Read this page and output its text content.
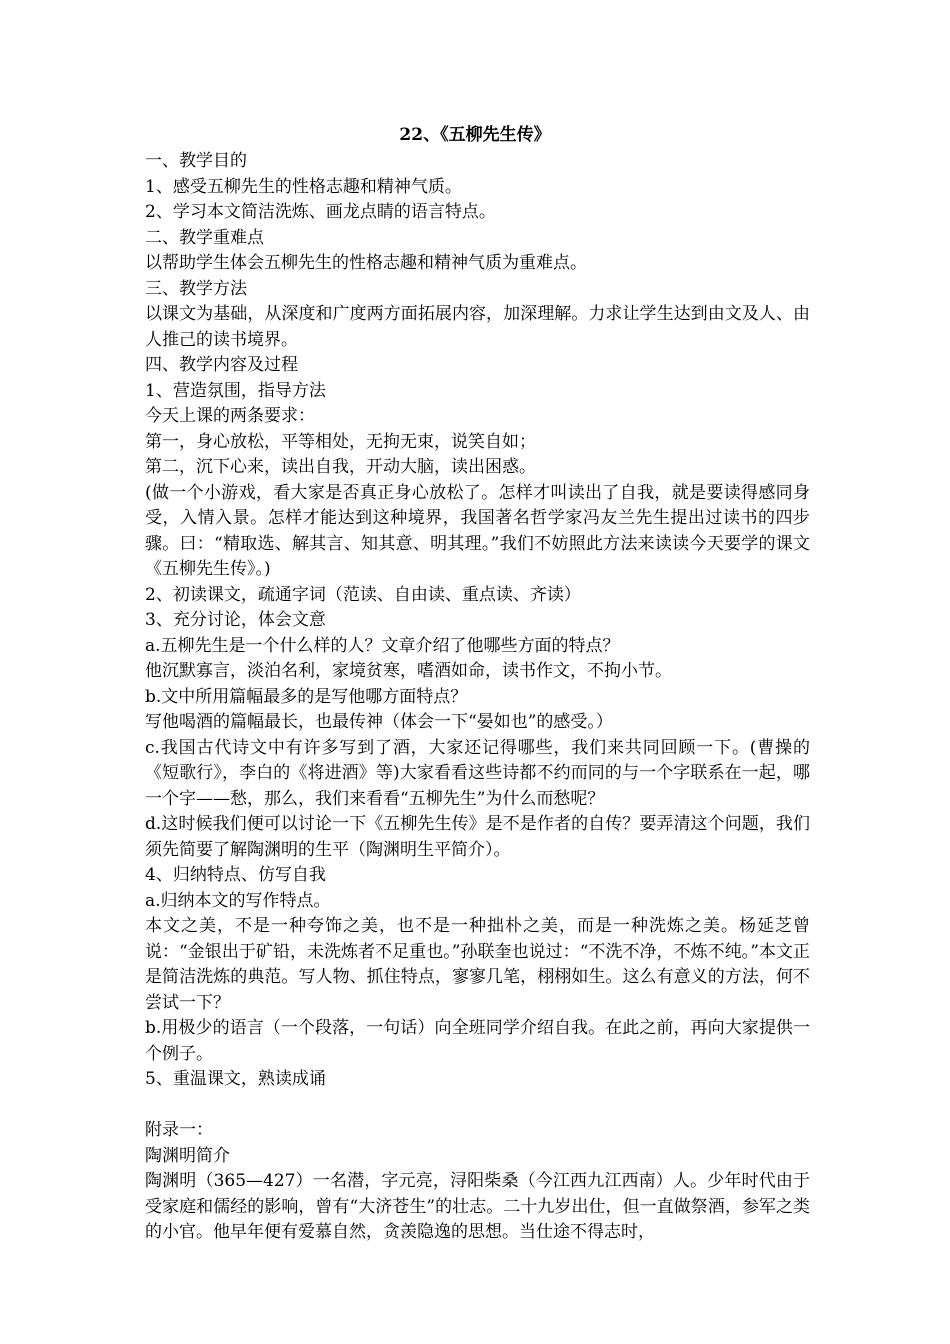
22、《五柳先生传》
一、教学目的
1、感受五柳先生的性格志趣和精神气质。
2、学习本文简洁洗炼、画龙点睛的语言特点。
二、教学重难点
以帮助学生体会五柳先生的性格志趣和精神气质为重难点。
三、教学方法
以课文为基础，从深度和广度两方面拓展内容，加深理解。力求让学生达到由文及人、由人推己的读书境界。
四、教学内容及过程
1、营造氛围，指导方法
今天上课的两条要求：
第一，身心放松，平等相处，无拘无束，说笑自如；
第二，沉下心来，读出自我，开动大脑，读出困惑。
(做一个小游戏，看大家是否真正身心放松了。怎样才叫读出了自我，就是要读得感同身受，入情入景。怎样才能达到这种境界，我国著名哲学家冯友兰先生提出过读书的四步骤。曰：“精取选、解其言、知其意、明其理。”我们不妨照此方法来读读今天要学的课文《五柳先生传》。)
2、初读课文，疏通字词（范读、自由读、重点读、齐读）
3、充分讨论，体会文意
a.五柳先生是一个什么样的人？文章介绍了他哪些方面的特点？
他沉默寡言，淡泊名利，家境贫寒，嗜酒如命，读书作文，不拘小节。
b.文中所用篇幅最多的是写他哪方面特点？
写他喝酒的篇幅最长，也最传神（体会一下“晏如也”的感受。）
c.我国古代诗文中有许多写到了酒，大家还记得哪些，我们来共同回顾一下。(曹操的《短歌行》，李白的《将进酒》等)大家看看这些诗都不约而同的与一个字联系在一起，哪一个字——愁，那么，我们来看看“五柳先生”为什么而愁呢？
d.这时候我们便可以讨论一下《五柳先生传》是不是作者的自传？要弄清这个问题，我们须先简要了解陶渊明的生平（陶渊明生平简介）。
4、归纳特点、仿写自我
a.归纳本文的写作特点。
本文之美，不是一种夸饰之美，也不是一种拙朴之美，而是一种洗炼之美。杨延芝曾说：“金银出于矿铅，未洗炼者不足重也。”孙联奎也说过：“不洗不净，不炼不纯。”本文正是简洁洗炼的典范。写人物、抓住特点，寥寥几笔，栩栩如生。这么有意义的方法，何不尝试一下？
b.用极少的语言（一个段落，一句话）向全班同学介绍自我。在此之前，再向大家提供一个例子。
5、重温课文，熟读成诵
附录一：
陶渊明简介
陶渊明（365—427）一名潜，字元亮，浔阳柴桑（今江西九江西南）人。少年时代由于受家庭和儒经的影响，曾有“大济苍生”的壮志。二十九岁出仕，但一直做祭酒，参军之类的小官。他早年便有爱慕自然，贪羡隐逸的思想。当仕途不得志时，
